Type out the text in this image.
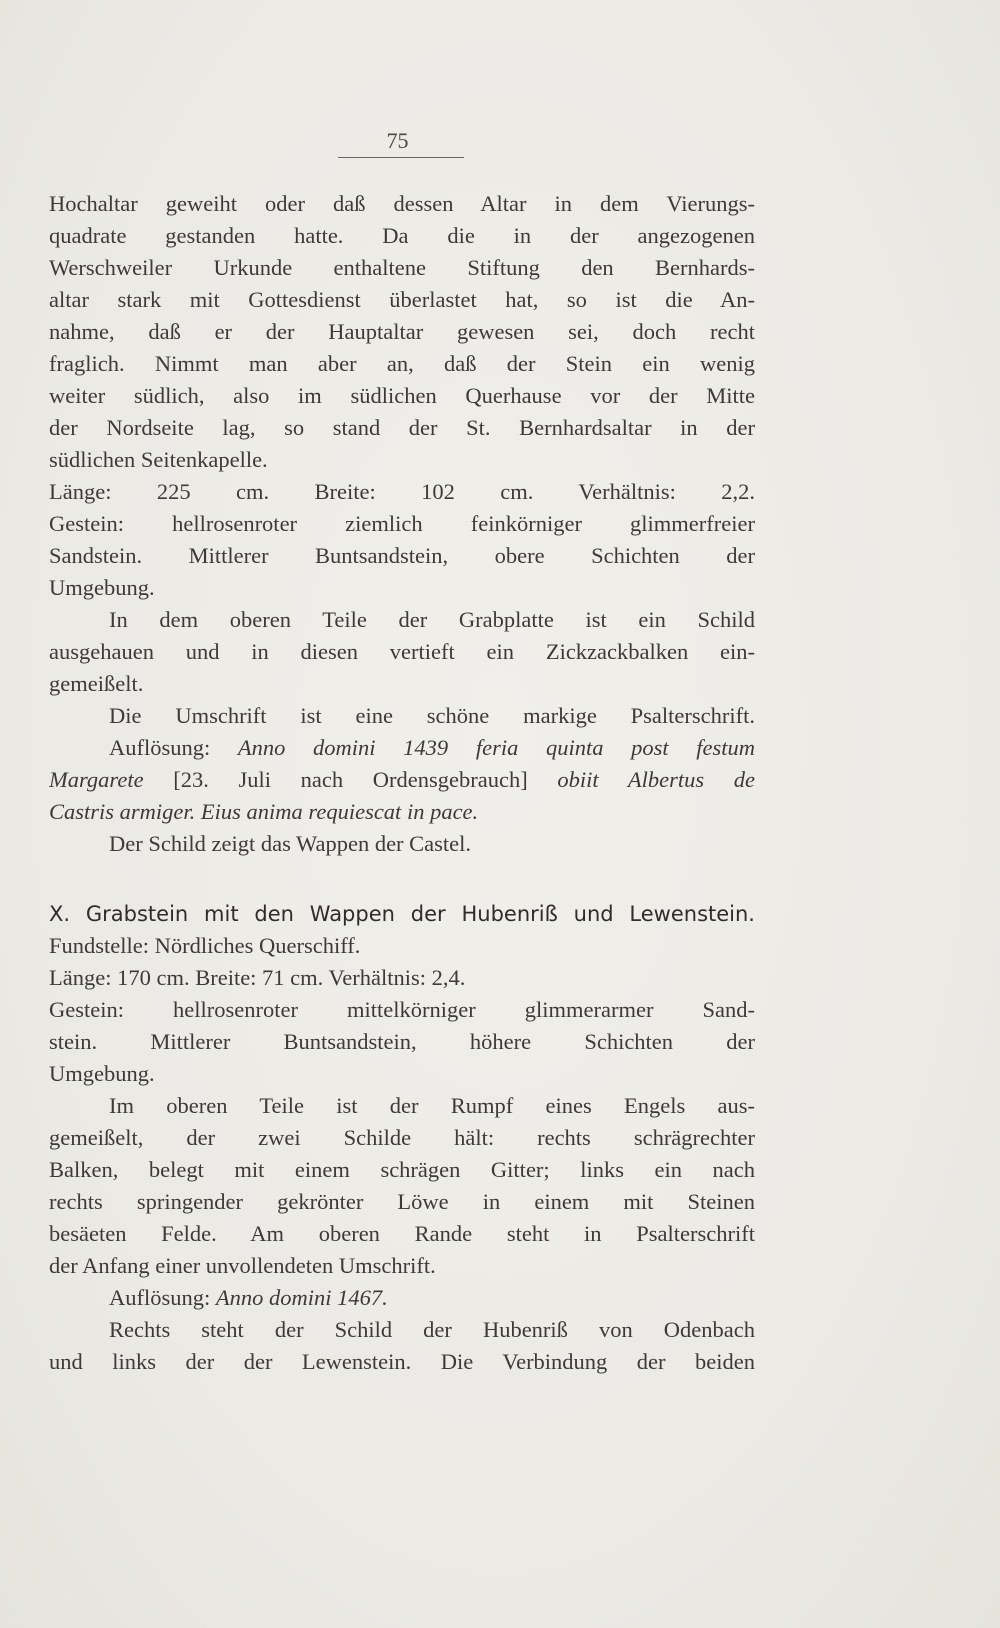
75
Hochaltar geweiht oder daß dessen Altar in dem Vierungs-
quadrate gestanden hatte. Da die in der angezogenen
Werschweiler Urkunde enthaltene Stiftung den Bernhards-
altar stark mit Gottesdienst überlastet hat, so ist die An-
nahme, daß er der Hauptaltar gewesen sei, doch recht
fraglich. Nimmt man aber an, daß der Stein ein wenig
weiter südlich, also im südlichen Querhause vor der Mitte
der Nordseite lag, so stand der St. Bernhardsaltar in der
südlichen Seitenkapelle.
Länge: 225 cm. Breite: 102 cm. Verhältnis: 2,2.
Gestein: hellrosenroter ziemlich feinkörniger glimmerfreier
Sandstein. Mittlerer Buntsandstein, obere Schichten der
Umgebung.
In dem oberen Teile der Grabplatte ist ein Schild
ausgehauen und in diesen vertieft ein Zickzackbalken ein-
gemeißelt.
Die Umschrift ist eine schöne markige Psalterschrift.
Auflösung: Anno domini 1439 feria quinta post festum
Margarete [23. Juli nach Ordensgebrauch] obiit Albertus de
Castris armiger. Eius anima requiescat in pace.
Der Schild zeigt das Wappen der Castel.
X. Grabstein mit den Wappen der Hubenriß und Lewenstein.
Fundstelle: Nördliches Querschiff.
Länge: 170 cm. Breite: 71 cm. Verhältnis: 2,4.
Gestein: hellrosenroter mittelkörniger glimmerarmer Sand-
stein. Mittlerer Buntsandstein, höhere Schichten der
Umgebung.
Im oberen Teile ist der Rumpf eines Engels aus-
gemeißelt, der zwei Schilde hält: rechts schrägrechter
Balken, belegt mit einem schrägen Gitter; links ein nach
rechts springender gekrönter Löwe in einem mit Steinen
besäeten Felde. Am oberen Rande steht in Psalterschrift
der Anfang einer unvollendeten Umschrift.
Auflösung: Anno domini 1467.
Rechts steht der Schild der Hubenriß von Odenbach
und links der der Lewenstein. Die Verbindung der beiden
